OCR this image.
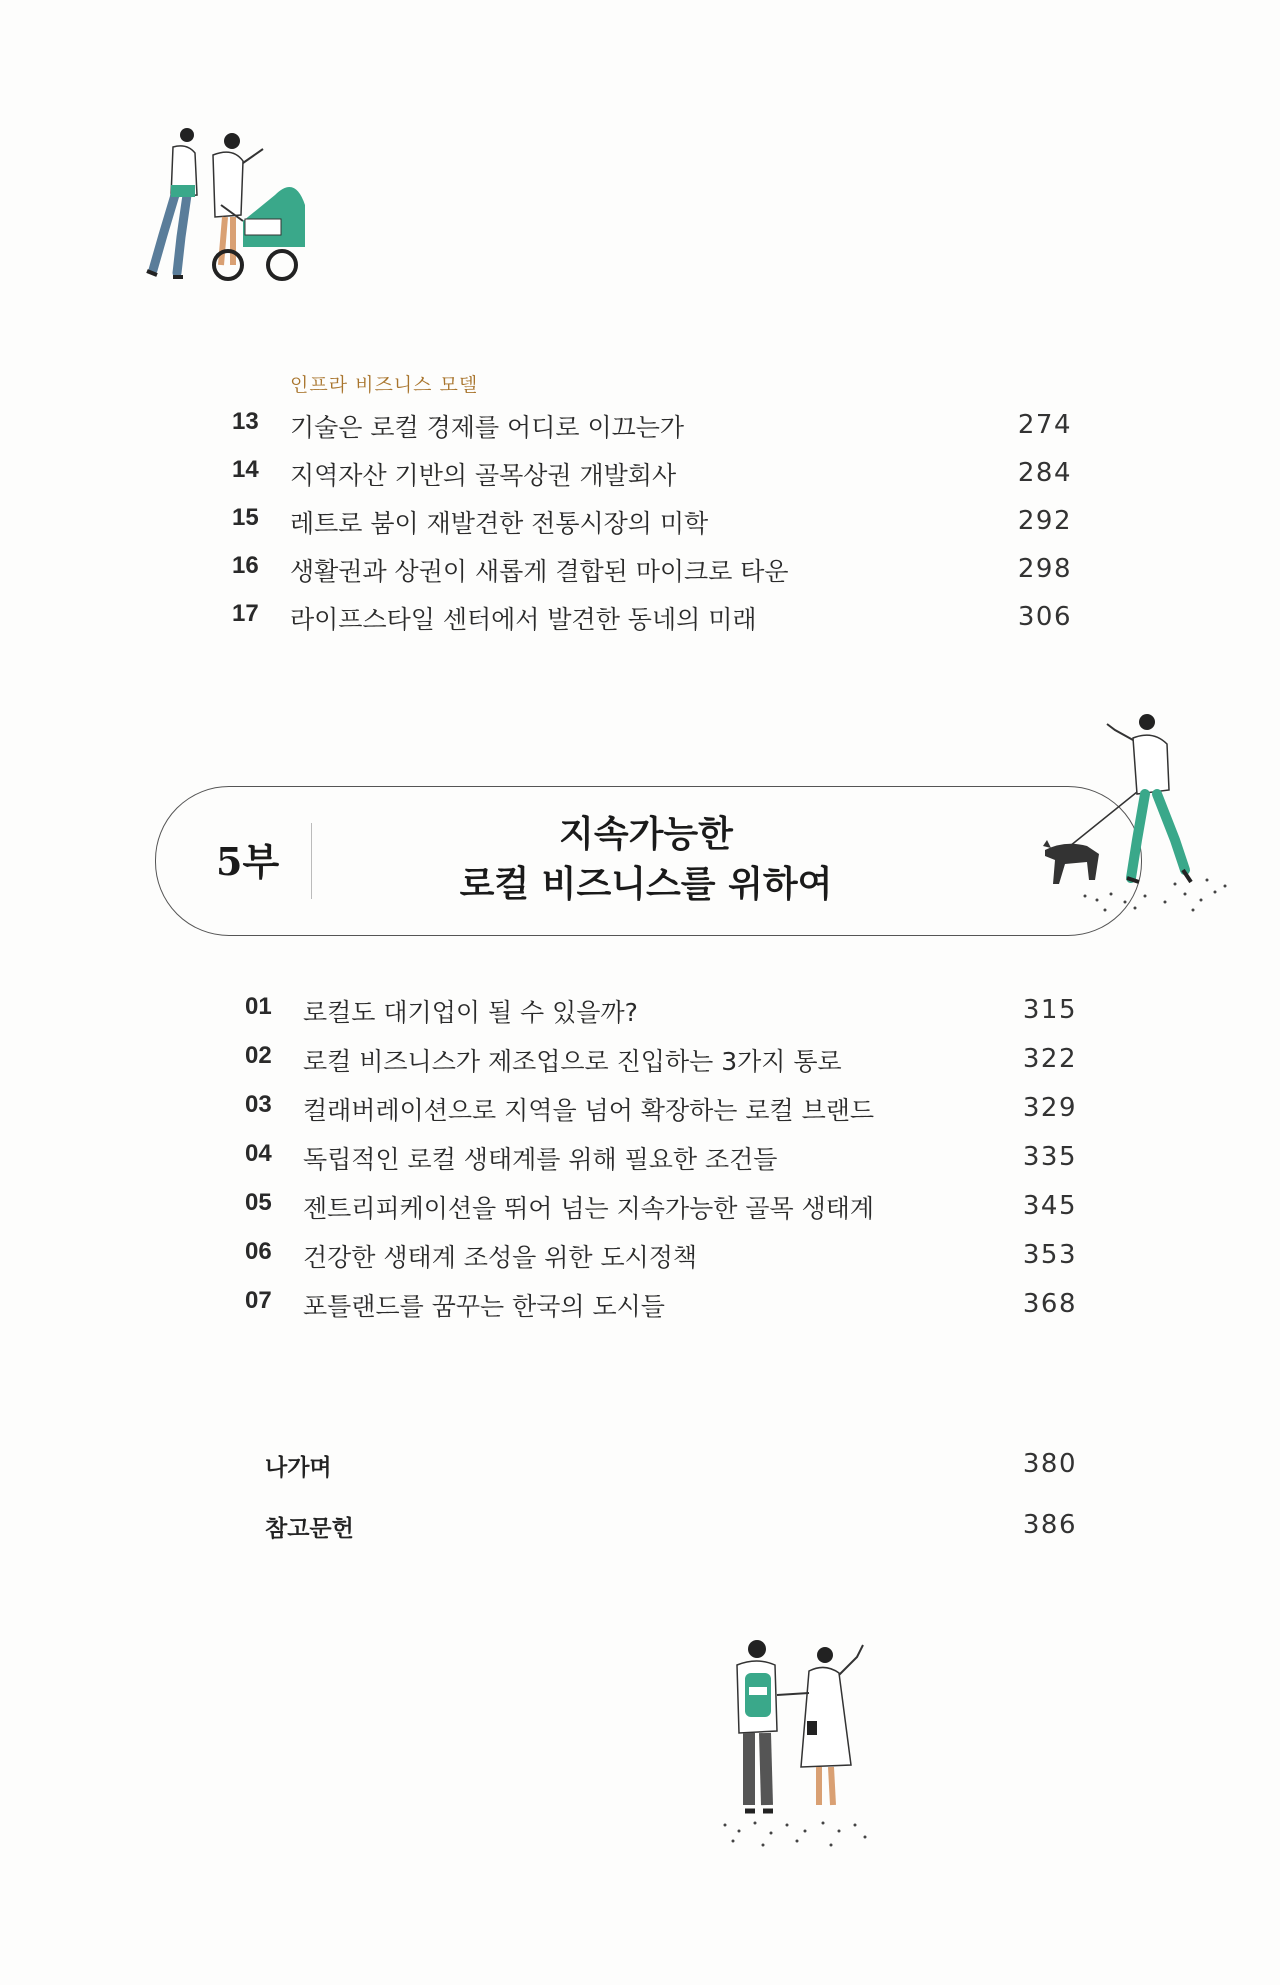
인프라 비즈니스 모델
13 기술은 로컬 경제를 어디로 이끄는가	274
14 지역자산 기반의 골목상권 개발회사	284
15 레트로 붐이 재발견한 전통시장의 미학	292
16 생활권과 상권이 새롭게 결합된 마이크로 타운	298
17 라이프스타일 센터에서 발견한 동네의 미래	306
5부
지속가능한
로컬 비즈니스를 위하여
01 로컬도 대기업이 될 수 있을까?	315
02 로컬 비즈니스가 제조업으로 진입하는 3가지 통로	322
03 컬래버레이션으로 지역을 넘어 확장하는 로컬 브랜드	329
04 독립적인 로컬 생태계를 위해 필요한 조건들	335
05 젠트리피케이션을 뛰어 넘는 지속가능한 골목 생태계	345
06 건강한 생태계 조성을 위한 도시정책	353
07 포틀랜드를 꿈꾸는 한국의 도시들	368
나가며	380
참고문헌	386
